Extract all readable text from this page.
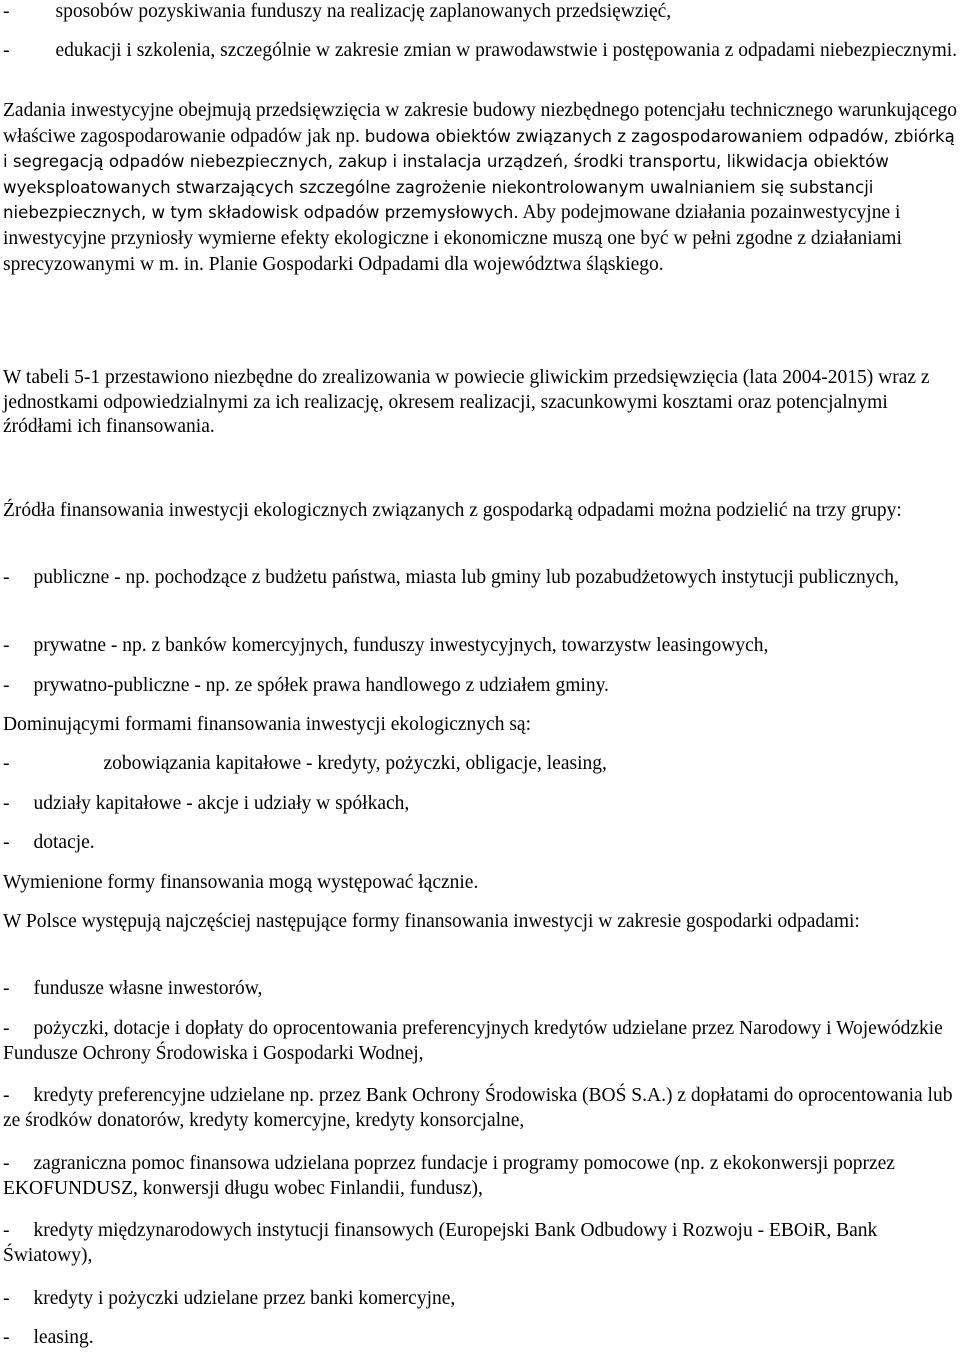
- sposobów pozyskiwania funduszy na realizację zaplanowanych przedsięwzięć,

- edukacji i szkolenia, szczególnie w zakresie zmian w prawodawstwie i postępowania z odpadami niebezpiecznymi.

Zadania inwestycyjne obejmują przedsięwzięcia w zakresie budowy niezbędnego potencjału technicznego warunkującego właściwe zagospodarowanie odpadów jak np. budowa obiektów związanych z zagospodarowaniem odpadów, zbiórką i segregacją odpadów niebezpiecznych, zakup i instalacja urządzeń, środki transportu, likwidacja obiektów wyeksploatowanych stwarzających szczególne zagrożenie niekontrolowanym uwalnianiem się substancji niebezpiecznych, w tym składowisk odpadów przemysłowych. Aby podejmowane działania pozainwestycyjne i inwestycyjne przyniosły wymierne efekty ekologiczne i ekonomiczne muszą one być w pełni zgodne z działaniami sprecyzowanymi w m. in. Planie Gospodarki Odpadami dla województwa śląskiego.

W tabeli 5-1 przestawiono niezbędne do zrealizowania w powiecie gliwickim przedsięwzięcia (lata 2004-2015) wraz z jednostkami odpowiedzialnymi za ich realizację, okresem realizacji, szacunkowymi kosztami oraz potencjalnymi źródłami ich finansowania.

Źródła finansowania inwestycji ekologicznych związanych z gospodarką odpadami można podzielić na trzy grupy:

- publiczne - np. pochodzące z budżetu państwa, miasta lub gminy lub pozabudżetowych instytucji publicznych,

- prywatne - np. z banków komercyjnych, funduszy inwestycyjnych, towarzystw leasingowych,

- prywatno-publiczne - np. ze spółek prawa handlowego z udziałem gminy.

Dominującymi formami finansowania inwestycji ekologicznych są:

-	zobowiązania kapitałowe - kredyty, pożyczki, obligacje, leasing,

- udziały kapitałowe - akcje i udziały w spółkach,

- dotacje.

Wymienione formy finansowania mogą występować łącznie.

W Polsce występują najczęściej następujące formy finansowania inwestycji w zakresie gospodarki odpadami:

- fundusze własne inwestorów,

- pożyczki, dotacje i dopłaty do oprocentowania preferencyjnych kredytów udzielane przez Narodowy i Wojewódzkie Fundusze Ochrony Środowiska i Gospodarki Wodnej,

- kredyty preferencyjne udzielane np. przez Bank Ochrony Środowiska (BOŚ S.A.) z dopłatami do oprocentowania lub ze środków donatorów, kredyty komercyjne, kredyty konsorcjalne,

- zagraniczna pomoc finansowa udzielana poprzez fundacje i programy pomocowe (np. z ekokonwersji poprzez EKOFUNDUSZ, konwersji długu wobec Finlandii, fundusz),

- kredyty międzynarodowych instytucji finansowych (Europejski Bank Odbudowy i Rozwoju - EBOiR, Bank Światowy),

- kredyty i pożyczki udzielane przez banki komercyjne,

- leasing.
